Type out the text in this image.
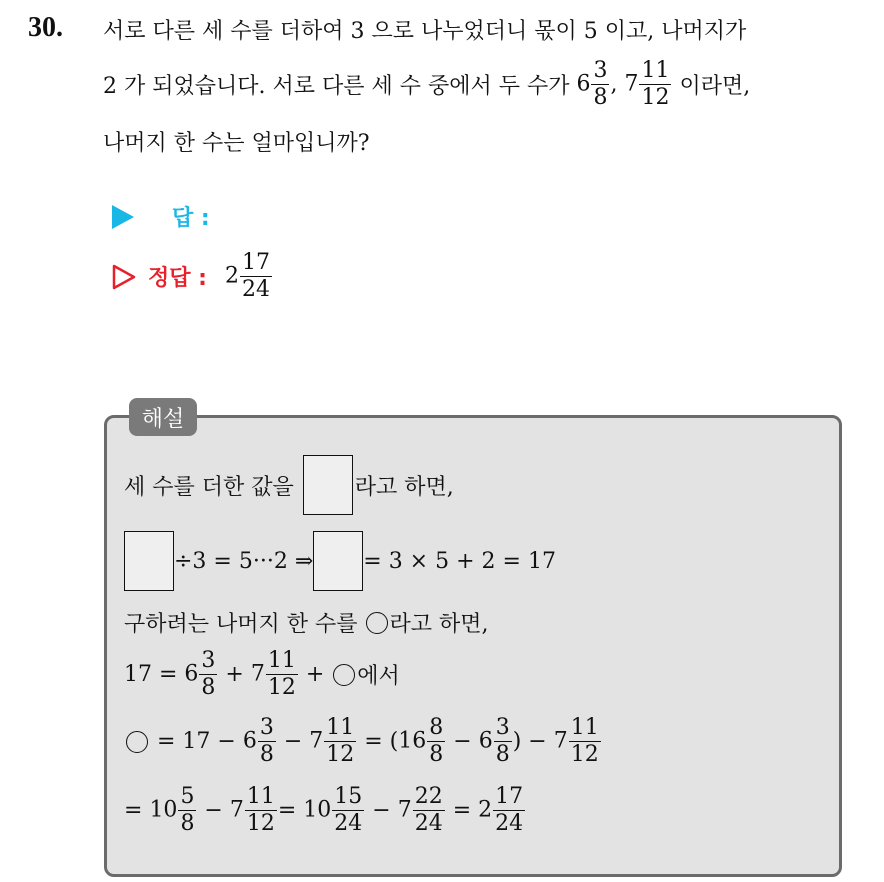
30. 서로 다른 세 수를 더하여 3 으로 나누었더니 몫이 5 이고, 나머지가
2 가 되었습니다. 서로 다른 세 수 중에서 두 수가 $6 \frac{3}{8}$ , $7 \frac{11}{12}$ 이라면,
나머지 한 수는 얼마입니까?
답 :
정답 : $2 \frac{17}{24}$
해설
세 수를 더한 값을 라고 하면,
÷3 = 5···2 ⇒ = 3 × 5 + 2 = 17
구하려는 나머지 한 수를 라고 하면,
$17 = 6 \frac{3}{8} + 7 \frac{11}{12}$ + 에서
= $17 - 6 \frac{3}{8} - 7 \frac{11}{12}$ = ( $16 \frac{8}{8} - 6 \frac{3}{8}$ ) − $7 \frac{11}{12}$
= $10 \frac{5}{8} - 7 \frac{11}{12} = 10 \frac{15}{24} - 7 \frac{22}{24} = 2 \frac{17}{24}$
